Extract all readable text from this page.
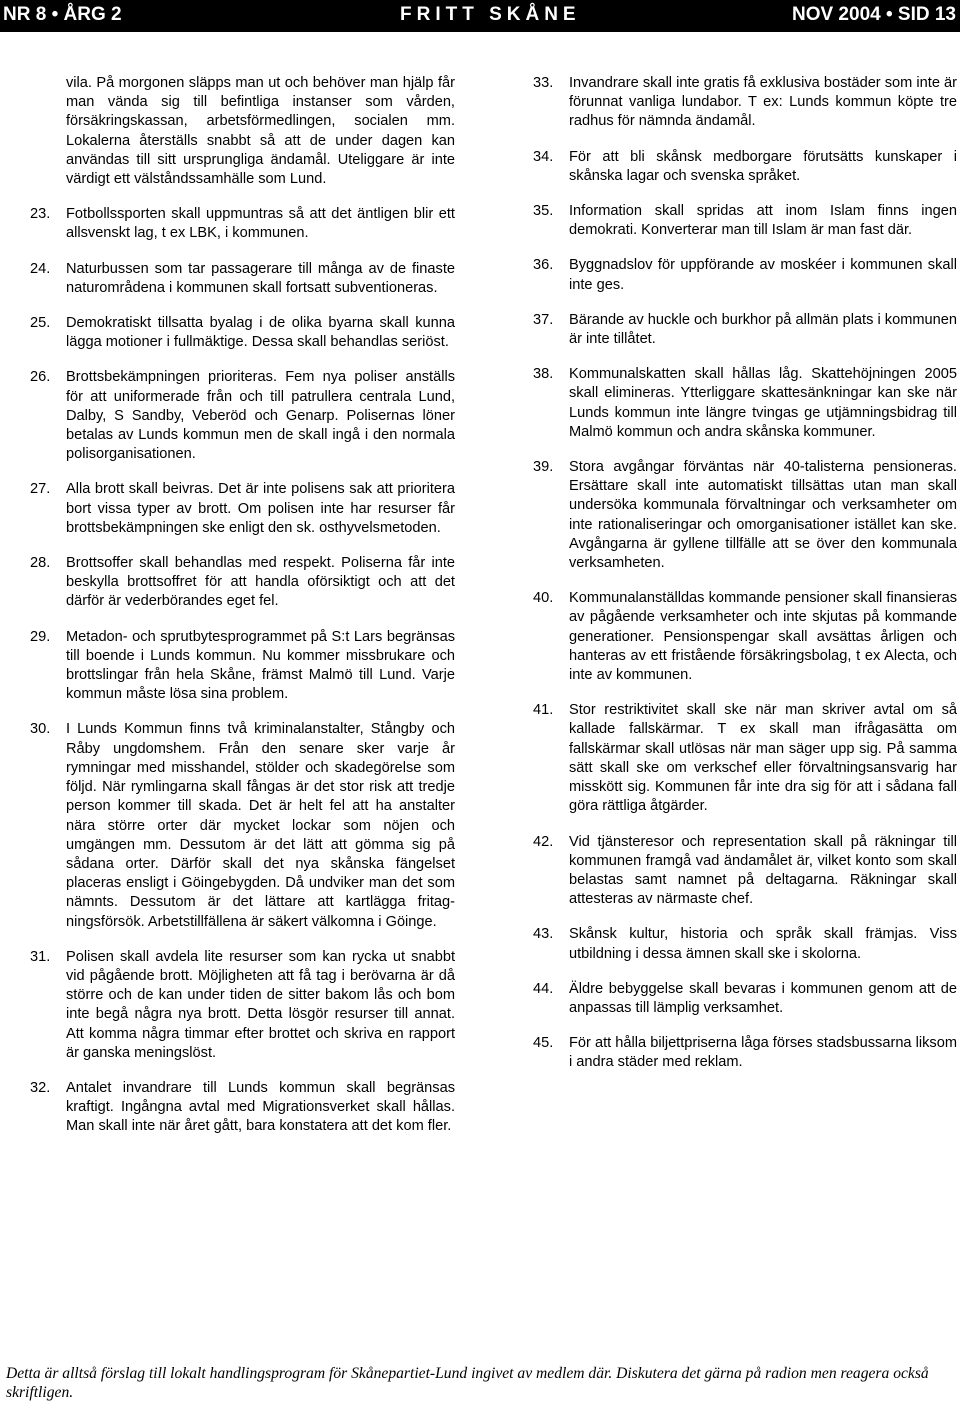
NR 8 • ÅRG 2	FRITT SKÅNE	NOV 2004 • SID 13
vila. På morgonen släpps man ut och behöver man hjälp får man vända sig till befintliga instanser som vården, försäkringskassan, arbetsförmedlingen, socialen mm. Lokalerna återställs snabbt så att de under dagen kan användas till sitt ursprungliga ändamål. Uteliggare är inte värdigt ett välståndssamhälle som Lund.
23. Fotbollssporten skall uppmuntras så att det äntligen blir ett allsvenskt lag, t ex LBK, i kommunen.
24. Naturbussen som tar passagerare till många av de finaste naturområdena i kommunen skall fortsatt subventioneras.
25. Demokratiskt tillsatta byalag i de olika byarna skall kunna lägga motioner i fullmäktige. Dessa skall behandlas seriöst.
26. Brottsbekämpningen prioriteras. Fem nya poliser anställs för att uniformerade från och till patrullera centrala Lund, Dalby, S Sandby, Veberöd och Genarp. Polisernas löner betalas av Lunds kommun men de skall ingå i den normala polisorganisationen.
27. Alla brott skall beivras. Det är inte polisens sak att prioritera bort vissa typer av brott. Om polisen inte har resurser får brottsbekämpningen ske enligt den sk. osthyvelsmetoden.
28. Brottsoffer skall behandlas med respekt. Poliserna får inte beskylla brottsoffret för att handla oförsiktigt och att det därför är vederbörandes eget fel.
29. Metadon- och sprutbytesprogrammet på S:t Lars begränsas till boende i Lunds kommun. Nu kommer missbrukare och brottslingar från hela Skåne, främst Malmö till Lund. Varje kommun måste lösa sina problem.
30. I Lunds Kommun finns två kriminalanstalter, Stångby och Råby ungdomshem. Från den senare sker varje år rymningar med misshandel, stölder och skadegörelse som följd. När rymlingarna skall fångas är det stor risk att tredje person kommer till skada. Det är helt fel att ha anstalter nära större orter där mycket lockar som nöjen och umgängen mm. Dessutom är det lätt att gömma sig på sådana orter. Därför skall det nya skånska fängelset placeras ensligt i Göingebygden. Då undviker man det som nämnts. Dessutom är det lättare att kartlägga fritagningsförsök. Arbetstillfällena är säkert välkomna i Göinge.
31. Polisen skall avdela lite resurser som kan rycka ut snabbt vid pågående brott. Möjligheten att få tag i berövarna är då större och de kan under tiden de sitter bakom lås och bom inte begå några nya brott. Detta lösgör resurser till annat. Att komma några timmar efter brottet och skriva en rapport är ganska meningslöst.
32. Antalet invandrare till Lunds kommun skall begränsas kraftigt. Ingångna avtal med Migrationsverket skall hållas. Man skall inte när året gått, bara konstatera att det kom fler.
33. Invandrare skall inte gratis få exklusiva bostäder som inte är förunnat vanliga lundabor. T ex: Lunds kommun köpte tre radhus för nämnda ändamål.
34. För att bli skånsk medborgare förutsätts kunskaper i skånska lagar och svenska språket.
35. Information skall spridas att inom Islam finns ingen demokrati. Konverterar man till Islam är man fast där.
36. Byggnadslov för uppförande av moskéer i kommunen skall inte ges.
37. Bärande av huckle och burkhor på allmän plats i kommunen är inte tillåtet.
38. Kommunalskatten skall hållas låg. Skattehöjningen 2005 skall elimineras. Ytterliggare skattesänkningar kan ske när Lunds kommun inte längre tvingas ge utjämningsbidrag till Malmö kommun och andra skånska kommuner.
39. Stora avgångar förväntas när 40-talisterna pensioneras. Ersättare skall inte automatiskt tillsättas utan man skall undersöka kommunala förvaltningar och verksamheter om inte rationaliseringar och omorganisationer istället kan ske. Avgångarna är gyllene tillfälle att se över den kommunala verksamheten.
40. Kommunalanställdas kommande pensioner skall finansieras av pågående verksamheter och inte skjutas på kommande generationer. Pensionspengar skall avsättas årligen och hanteras av ett fristående försäkringsbolag, t ex Alecta, och inte av kommunen.
41. Stor restriktivitet skall ske när man skriver avtal om så kallade fallskärmar. T ex skall man ifrågasätta om fallskärmar skall utlösas när man säger upp sig. På samma sätt skall ske om verkschef eller förvaltningsansvarig har misskött sig. Kommunen får inte dra sig för att i sådana fall göra rättliga åtgärder.
42. Vid tjänsteresor och representation skall på räkningar till kommunen framgå vad ändamålet är, vilket konto som skall belastas samt namnet på deltagarna. Räkningar skall attesteras av närmaste chef.
43. Skånsk kultur, historia och språk skall främjas. Viss utbildning i dessa ämnen skall ske i skolorna.
44. Äldre bebyggelse skall bevaras i kommunen genom att de anpassas till lämplig verksamhet.
45. För att hålla biljettpriserna låga förses stadsbussarna liksom i andra städer med reklam.
Detta är alltså förslag till lokalt handlingsprogram för Skånepartiet-Lund ingivet av medlem där. Diskutera det gärna på radion men reagera också skriftligen.
